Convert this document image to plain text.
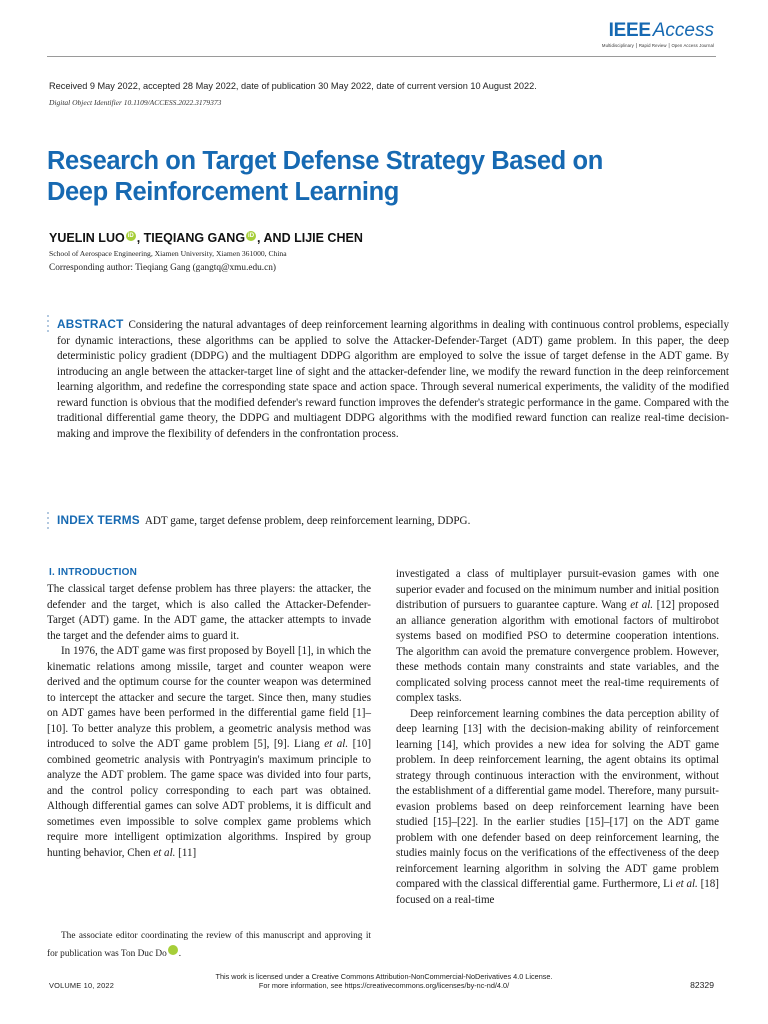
IEEE Access
Multidisciplinary ⎮ Rapid Review ⎮ Open Access Journal
Received 9 May 2022, accepted 28 May 2022, date of publication 30 May 2022, date of current version 10 August 2022.
Digital Object Identifier 10.1109/ACCESS.2022.3179373
Research on Target Defense Strategy Based on
Deep Reinforcement Learning
YUELIN LUO iD , TIEQIANG GANG iD , AND LIJIE CHEN
School of Aerospace Engineering, Xiamen University, Xiamen 361000, China
Corresponding author: Tieqiang Gang (gangtq@xmu.edu.cn)
ABSTRACT Considering the natural advantages of deep reinforcement learning algorithms in dealing with continuous control problems, especially for dynamic interactions, these algorithms can be applied to solve the Attacker-Defender-Target (ADT) game problem. In this paper, the deep deterministic policy gradient (DDPG) and the multiagent DDPG algorithm are employed to solve the issue of target defense in the ADT game. By introducing an angle between the attacker-target line of sight and the attacker-defender line, we modify the reward function in the deep reinforcement learning algorithm, and redefine the corresponding state space and action space. Through several numerical experiments, the validity of the modified reward function is obvious that the modified defender's reward function improves the defender's strategic performance in the game. Compared with the traditional differential game theory, the DDPG and multiagent DDPG algorithms with the modified reward function can realize real-time decision-making and improve the flexibility of defenders in the confrontation process.
INDEX TERMS ADT game, target defense problem, deep reinforcement learning, DDPG.
I. INTRODUCTION

The classical target defense problem has three players: the attacker, the defender and the target, which is also called the Attacker-Defender-Target (ADT) game. In the ADT game, the attacker attempts to invade the target and the defender aims to guard it.

In 1976, the ADT game was first proposed by Boyell [1], in which the kinematic relations among missile, target and counter weapon were derived and the optimum course for the counter weapon was determined to intercept the attacker and secure the target. Since then, many studies on ADT games have been performed in the differential game field [1]–[10]. To better analyze this problem, a geometric analysis method was introduced to solve the ADT game problem [5], [9]. Liang et al. [10] combined geometric analysis with Pontryagin's maximum principle to analyze the ADT problem. The game space was divided into four parts, and the control policy corresponding to each part was obtained. Although differential games can solve ADT problems, it is difficult and sometimes even impossible to solve complex game problems which require more intelligent optimization algorithms. Inspired by group hunting behavior, Chen et al. [11]

The associate editor coordinating the review of this manuscript and approving it for publication was Ton Duc Do	iD.

investigated a class of multiplayer pursuit-evasion games with one superior evader and focused on the minimum number and initial position distribution of pursuers to guarantee capture. Wang et al. [12] proposed an alliance generation algorithm with emotional factors of multirobot systems based on modified PSO to determine cooperation intentions. The algorithm can avoid the premature convergence problem. However, these methods contain many constraints and state variables, and the complicated solving process cannot meet the real-time requirements of complex tasks.

Deep reinforcement learning combines the data perception ability of deep learning [13] with the decision-making ability of reinforcement learning [14], which provides a new idea for solving the ADT game problem. In deep reinforcement learning, the agent obtains its optimal strategy through continuous interaction with the environment, without the establishment of a differential game model. Therefore, many pursuit-evasion problems based on deep reinforcement learning have been studied [15]–[22]. In the earlier studies [15]–[17] on the ADT game problem with one defender based on deep reinforcement learning, the studies mainly focus on the verifications of the effectiveness of the deep reinforcement learning algorithm in solving the ADT game problem compared with the classical differential game. Furthermore, Li et al. [18] focused on a real-time

This work is licensed under a Creative Commons Attribution-NonCommercial-NoDerivatives 4.0 License.
For more information, see https://creativecommons.org/licenses/by-nc-nd/4.0/
VOLUME 10, 2022	82329
